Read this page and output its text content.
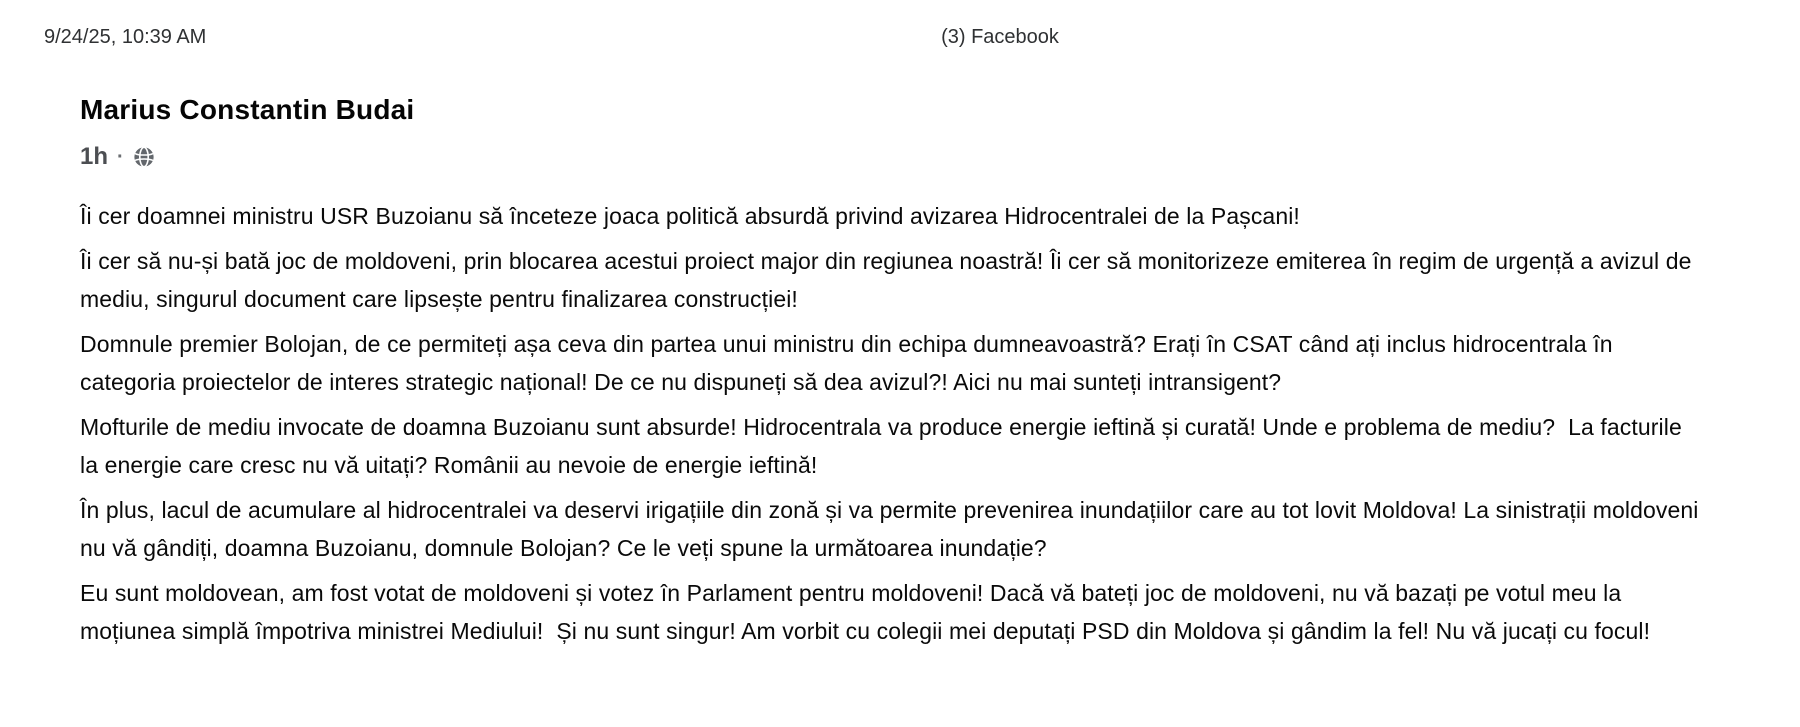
9/24/25, 10:39 AM	(3) Facebook
Marius Constantin Budai
1h ·

Îi cer doamnei ministru USR Buzoianu să înceteze joaca politică absurdă privind avizarea Hidrocentralei de la Pașcani!

Îi cer să nu-și bată joc de moldoveni, prin blocarea acestui proiect major din regiunea noastră! Îi cer să monitorizeze emiterea în regim de urgență a avizul de mediu, singurul document care lipsește pentru finalizarea construcției!

Domnule premier Bolojan, de ce permiteți așa ceva din partea unui ministru din echipa dumneavoastră? Erați în CSAT când ați inclus hidrocentrala în categoria proiectelor de interes strategic național! De ce nu dispuneți să dea avizul?! Aici nu mai sunteți intransigent?

Mofturile de mediu invocate de doamna Buzoianu sunt absurde! Hidrocentrala va produce energie ieftină și curată! Unde e problema de mediu?  La facturile la energie care cresc nu vă uitați? Românii au nevoie de energie ieftină!

În plus, lacul de acumulare al hidrocentralei va deservi irigațiile din zonă și va permite prevenirea inundațiilor care au tot lovit Moldova! La sinistrații moldoveni nu vă gândiți, doamna Buzoianu, domnule Bolojan? Ce le veți spune la următoarea inundație?

Eu sunt moldovean, am fost votat de moldoveni și votez în Parlament pentru moldoveni! Dacă vă bateți joc de moldoveni, nu vă bazați pe votul meu la moțiunea simplă împotriva ministrei Mediului!  Și nu sunt singur! Am vorbit cu colegii mei deputați PSD din Moldova și gândim la fel! Nu vă jucați cu focul!
